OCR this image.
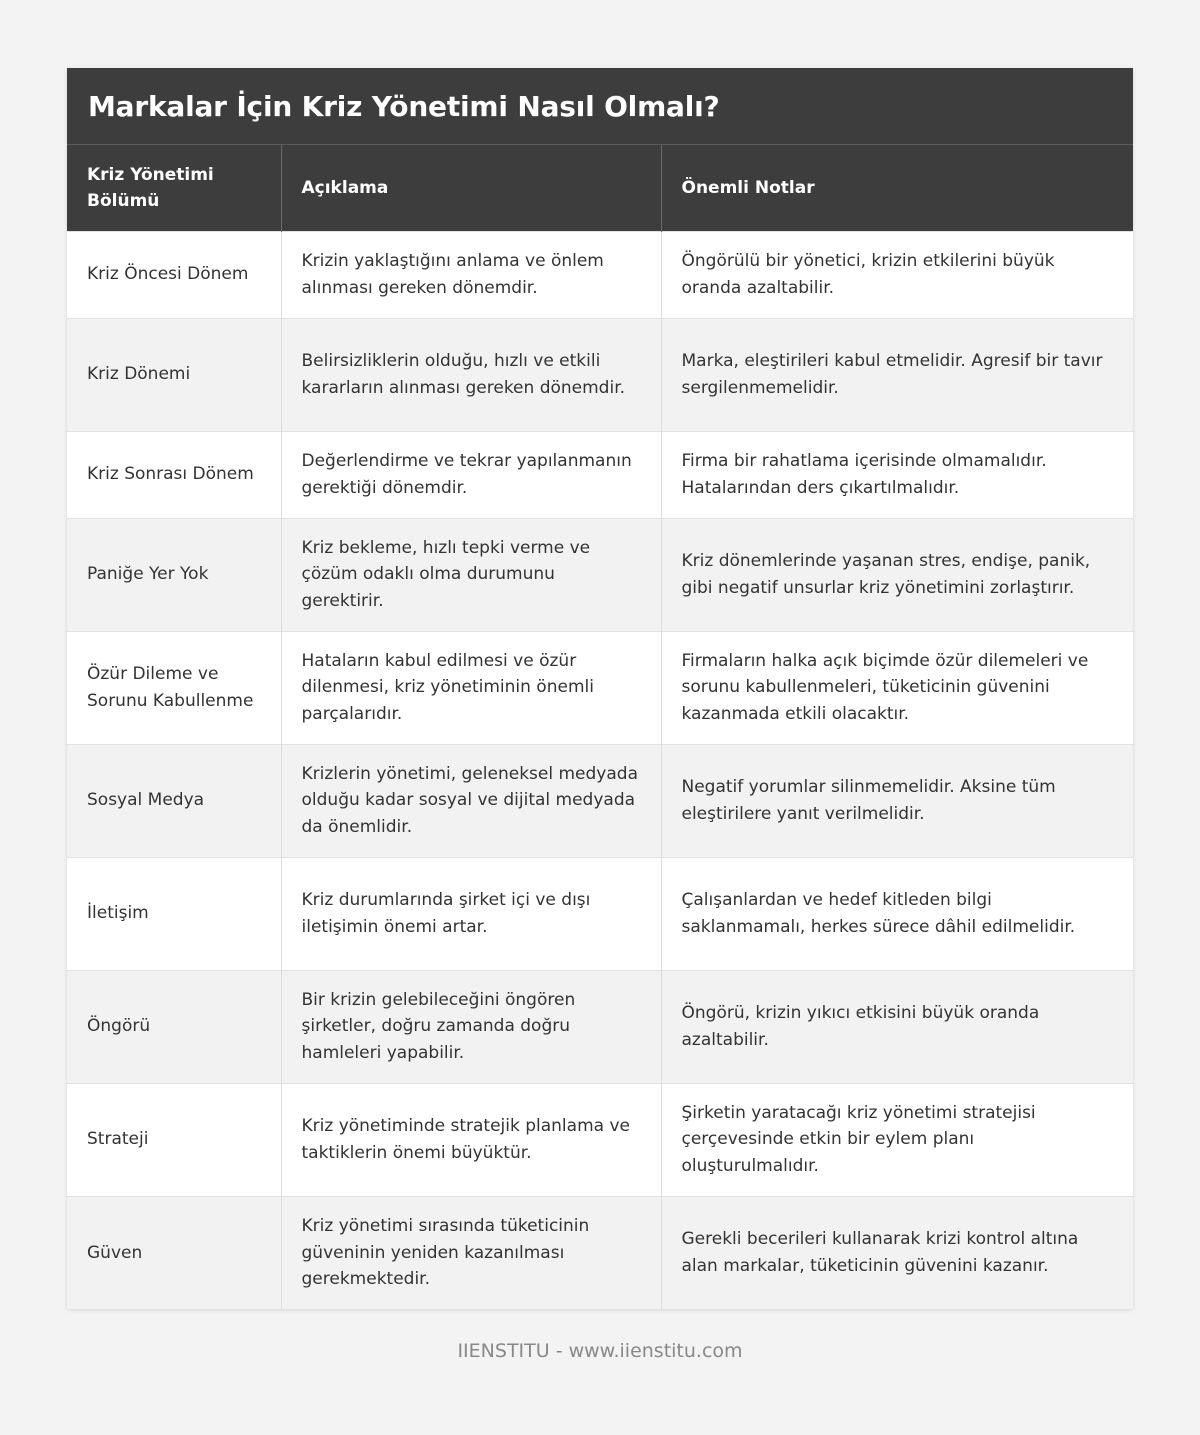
Markalar İçin Kriz Yönetimi Nasıl Olmalı?
Kriz Yönetimi Bölümü	Açıklama	Önemli Notlar
Kriz Öncesi Dönem	Krizin yaklaştığını anlama ve önlem alınması gereken dönemdir.	Öngörülü bir yönetici, krizin etkilerini büyük oranda azaltabilir.
Kriz Dönemi	Belirsizliklerin olduğu, hızlı ve etkili kararların alınması gereken dönemdir.	Marka, eleştirileri kabul etmelidir. Agresif bir tavır sergilenmemelidir.
Kriz Sonrası Dönem	Değerlendirme ve tekrar yapılanmanın gerektiği dönemdir.	Firma bir rahatlama içerisinde olmamalıdır. Hatalarından ders çıkartılmalıdır.
Paniğe Yer Yok	Kriz bekleme, hızlı tepki verme ve çözüm odaklı olma durumunu gerektirir.	Kriz dönemlerinde yaşanan stres, endişe, panik, gibi negatif unsurlar kriz yönetimini zorlaştırır.
Özür Dileme ve Sorunu Kabullenme	Hataların kabul edilmesi ve özür dilenmesi, kriz yönetiminin önemli parçalarıdır.	Firmaların halka açık biçimde özür dilemeleri ve sorunu kabullenmeleri, tüketicinin güvenini kazanmada etkili olacaktır.
Sosyal Medya	Krizlerin yönetimi, geleneksel medyada olduğu kadar sosyal ve dijital medyada da önemlidir.	Negatif yorumlar silinmemelidir. Aksine tüm eleştirilere yanıt verilmelidir.
İletişim	Kriz durumlarında şirket içi ve dışı iletişimin önemi artar.	Çalışanlardan ve hedef kitleden bilgi saklanmamalı, herkes sürece dâhil edilmelidir.
Öngörü	Bir krizin gelebileceğini öngören şirketler, doğru zamanda doğru hamleleri yapabilir.	Öngörü, krizin yıkıcı etkisini büyük oranda azaltabilir.
Strateji	Kriz yönetiminde stratejik planlama ve taktiklerin önemi büyüktür.	Şirketin yaratacağı kriz yönetimi stratejisi çerçevesinde etkin bir eylem planı oluşturulmalıdır.
Güven	Kriz yönetimi sırasında tüketicinin güveninin yeniden kazanılması gerekmektedir.	Gerekli becerileri kullanarak krizi kontrol altına alan markalar, tüketicinin güvenini kazanır.
IIENSTITU - www.iienstitu.com
